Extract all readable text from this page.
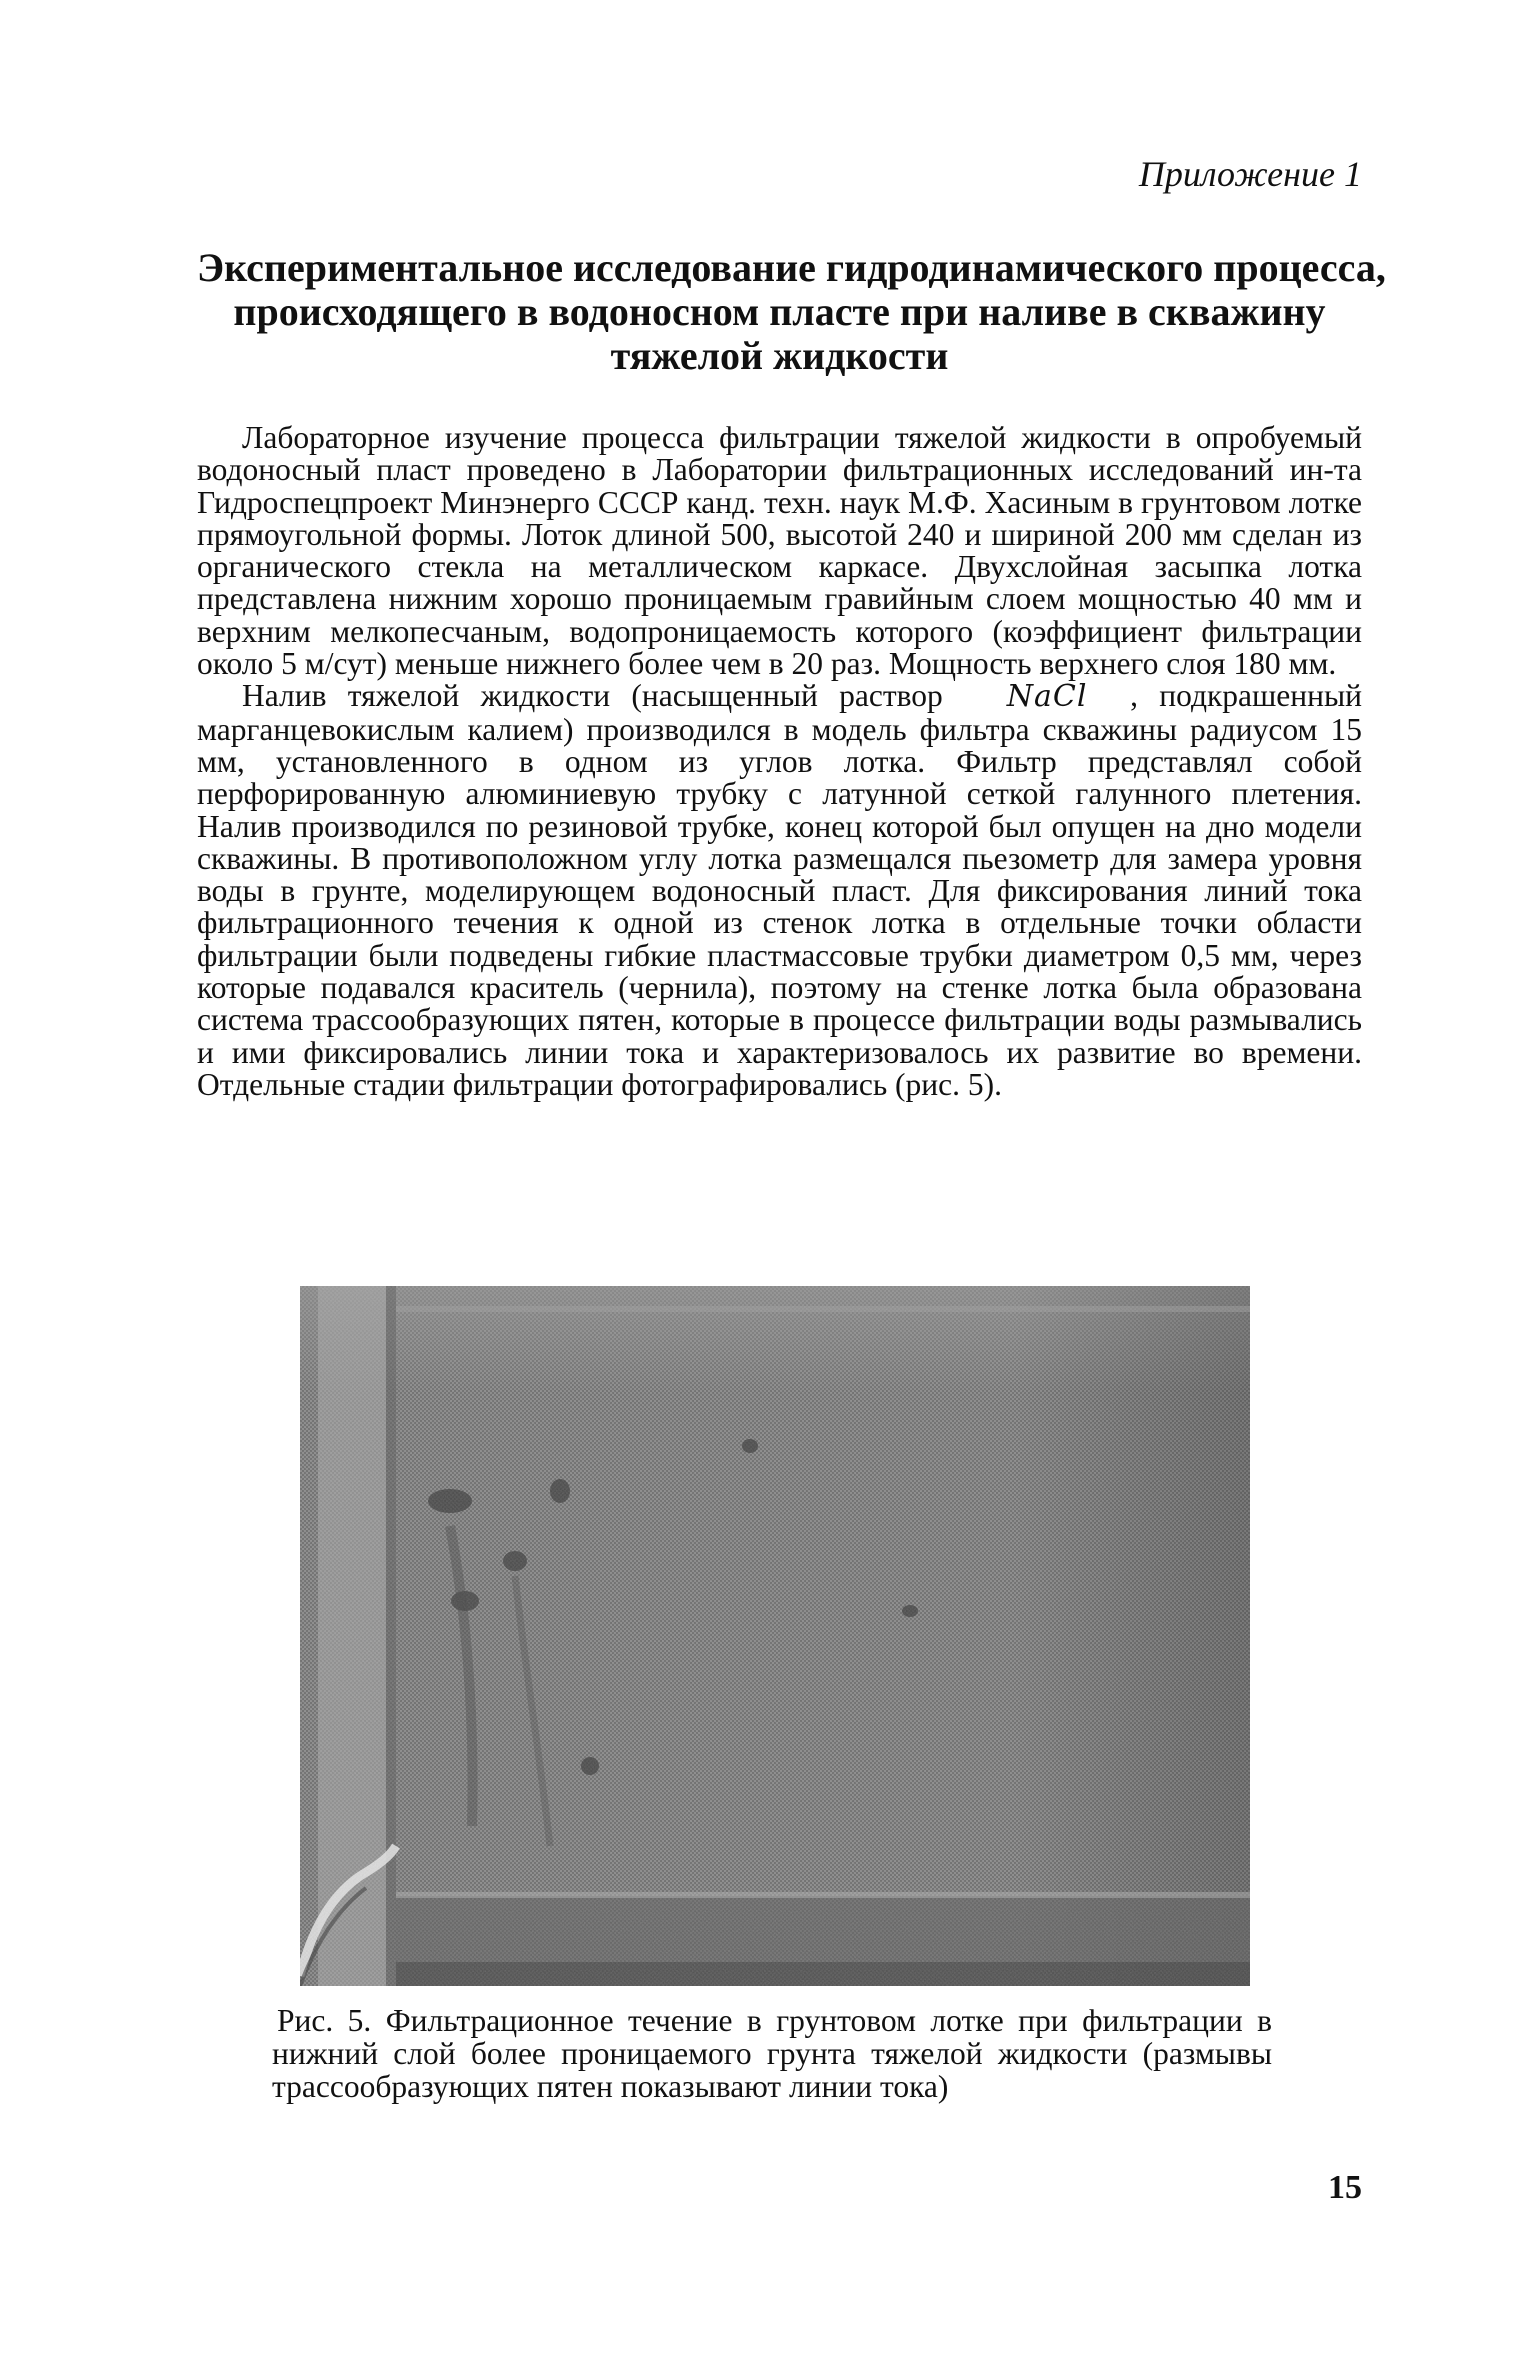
Приложение 1

Экспериментальное исследование гидродинамического процесса,
происходящего в водоносном пласте при наливе в скважину
тяжелой жидкости

Лабораторное изучение процесса фильтрации тяжелой жидкости в опробуемый водоносный пласт проведено в Лаборатории фильтрационных исследований ин-та Гидроспецпроект Минэнерго СССР канд. техн. наук М.Ф. Хасиным в грунтовом лотке прямоугольной формы. Лоток длиной 500, высотой 240 и шириной 200 мм сделан из органического стекла на металлическом каркасе. Двухслойная засыпка лотка представлена нижним хорошо проницаемым гравийным слоем мощностью 40 мм и верхним мелкопесчаным, водопроницаемость которого (коэффициент фильтрации около 5 м/сут) меньше нижнего более чем в 20 раз. Мощность верхнего слоя 180 мм.

Налив тяжелой жидкости (насыщенный раствор NaCl , подкрашенный марганцевокислым калием) производился в модель фильтра скважины радиусом 15 мм, установленного в одном из углов лотка. Фильтр представлял собой перфорированную алюминиевую трубку с латунной сеткой галунного плетения. Налив производился по резиновой трубке, конец которой был опущен на дно модели скважины. В противоположном углу лотка размещался пьезометр для замера уровня воды в грунте, моделирующем водоносный пласт. Для фиксирования линий тока фильтрационного течения к одной из стенок лотка в отдельные точки области фильтрации были подведены гибкие пластмассовые трубки диаметром 0,5 мм, через которые подавался краситель (чернила), поэтому на стенке лотка была образована система трассообразующих пятен, которые в процессе фильтрации воды размывались и ими фиксировались линии тока и характеризовалось их развитие во времени. Отдельные стадии фильтрации фотографировались (рис. 5).

Рис. 5. Фильтрационное течение в грунтовом лотке при фильтрации в нижний слой более проницаемого грунта тяжелой жидкости (размывы трассообразующих пятен показывают линии тока)

15
